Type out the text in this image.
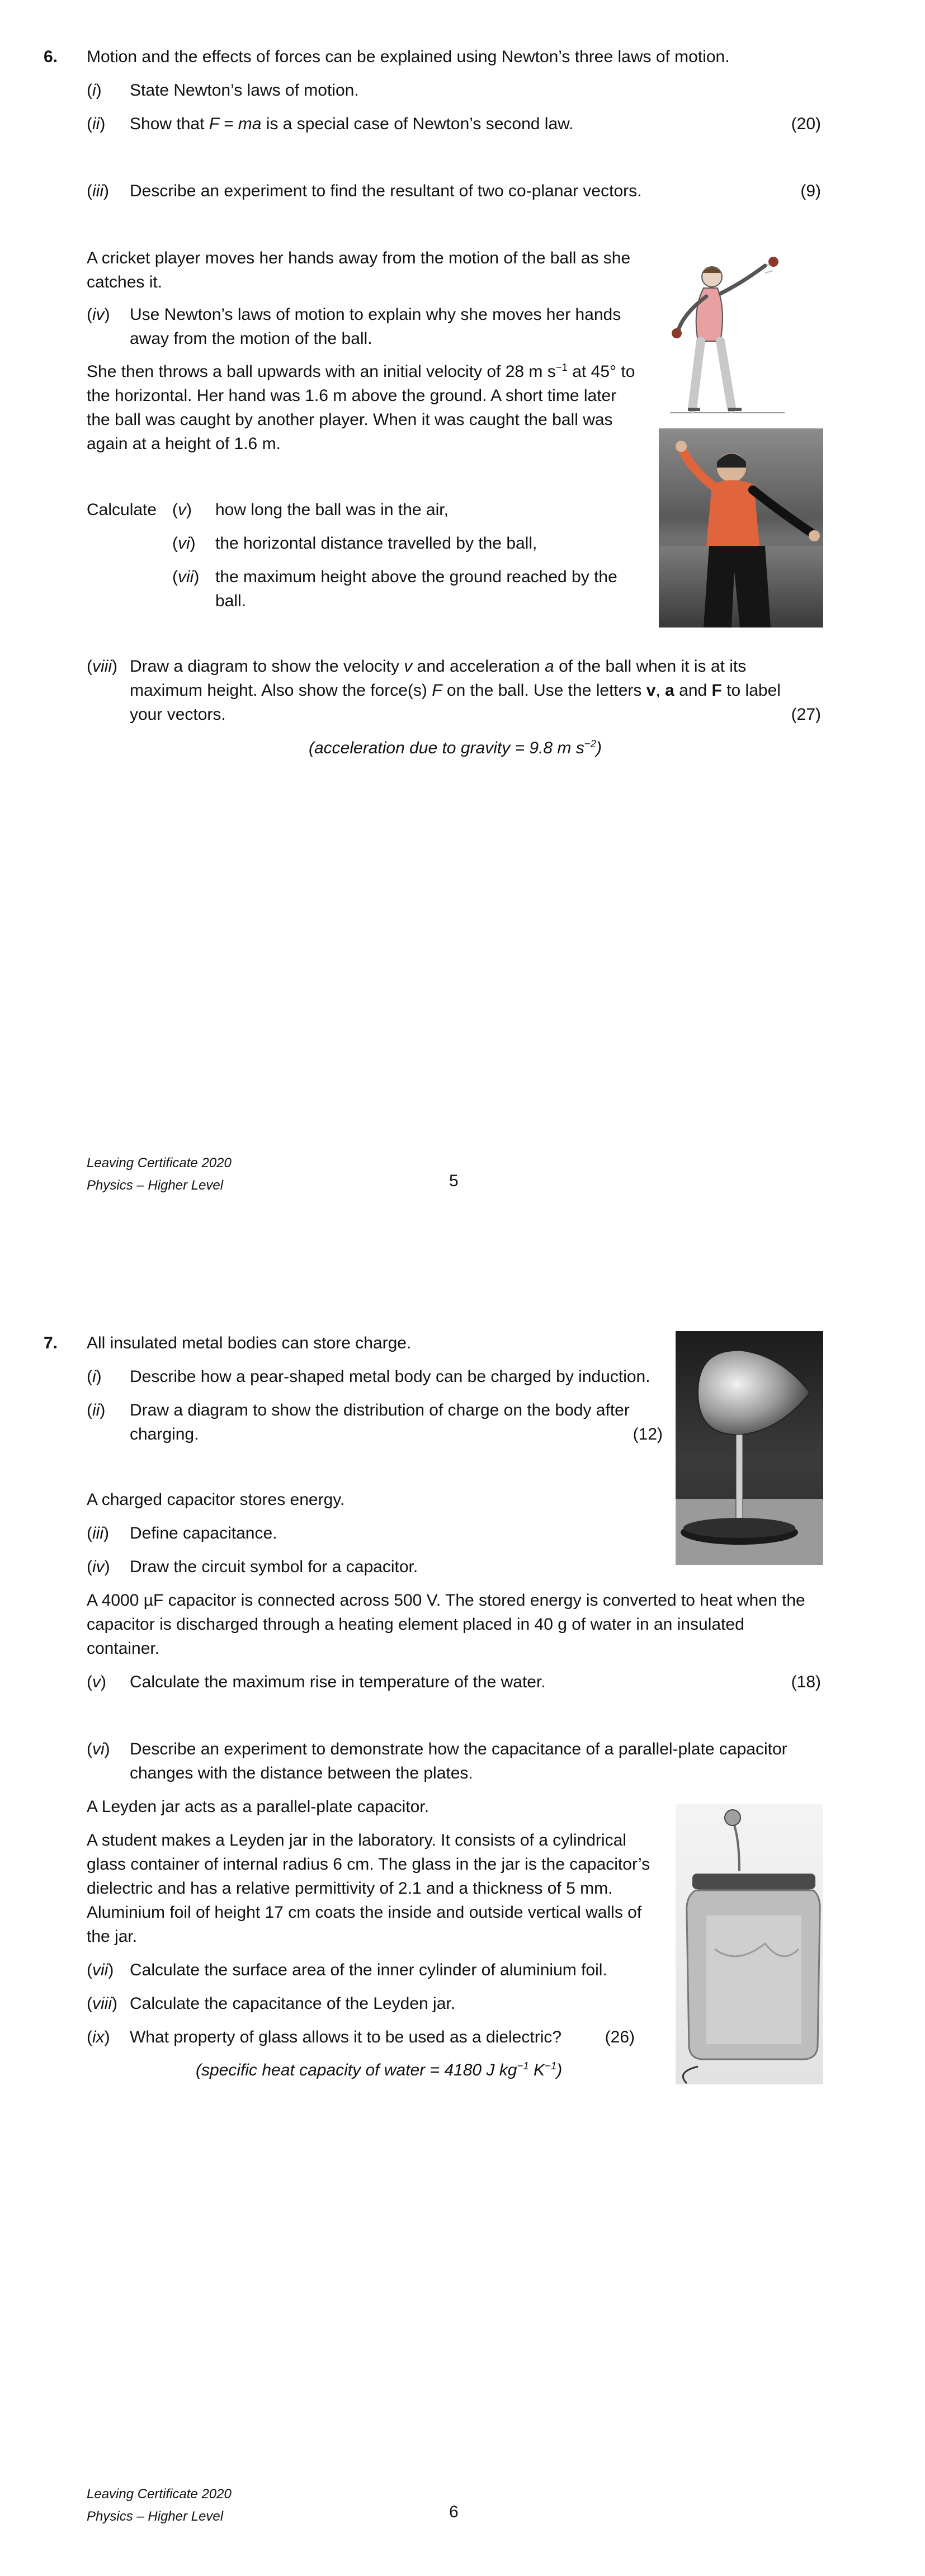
6. Motion and the effects of forces can be explained using Newton’s three laws of motion.
(i) State Newton’s laws of motion.
(ii) Show that F = ma is a special case of Newton’s second law.	(20)
(iii) Describe an experiment to find the resultant of two co-planar vectors.	(9)
A cricket player moves her hands away from the motion of the ball as she
catches it.
(iv) Use Newton’s laws of motion to explain why she moves her hands
away from the motion of the ball.
She then throws a ball upwards with an initial velocity of 28 m $s^{-1}$ at 45° to
the horizontal. Her hand was 1.6 m above the ground. A short time later
the ball was caught by another player. When it was caught the ball was
again at a height of 1.6 m.
Calculate (v) how long the ball was in the air,
(vi) the horizontal distance travelled by the ball,
(vii) the maximum height above the ground reached by the
ball.
(viii) Draw a diagram to show the velocity v and acceleration a of the ball when it is at its
maximum height. Also show the force(s) F on the ball. Use the letters v, a and F to label
your vectors.	(27)
(acceleration due to gravity = 9.8 m $s^{-2}$)
Leaving Certificate 2020
Physics – Higher Level	5
7. All insulated metal bodies can store charge.
(i) Describe how a pear-shaped metal body can be charged by induction.
(ii) Draw a diagram to show the distribution of charge on the body after
charging.	(12)
A charged capacitor stores energy.
(iii) Define capacitance.
(iv) Draw the circuit symbol for a capacitor.
A 4000 µF capacitor is connected across 500 V. The stored energy is converted to heat when the
capacitor is discharged through a heating element placed in 40 g of water in an insulated
container.
(v) Calculate the maximum rise in temperature of the water.	(18)
(vi) Describe an experiment to demonstrate how the capacitance of a parallel-plate capacitor
changes with the distance between the plates.
A Leyden jar acts as a parallel-plate capacitor.
A student makes a Leyden jar in the laboratory. It consists of a cylindrical
glass container of internal radius 6 cm. The glass in the jar is the capacitor’s
dielectric and has a relative permittivity of 2.1 and a thickness of 5 mm.
Aluminium foil of height 17 cm coats the inside and outside vertical walls of
the jar.
(vii) Calculate the surface area of the inner cylinder of aluminium foil.
(viii) Calculate the capacitance of the Leyden jar.
(ix) What property of glass allows it to be used as a dielectric?	(26)
(specific heat capacity of water = 4180 J $kg^{-1}$ $K^{-1}$)
Leaving Certificate 2020
Physics – Higher Level	6
